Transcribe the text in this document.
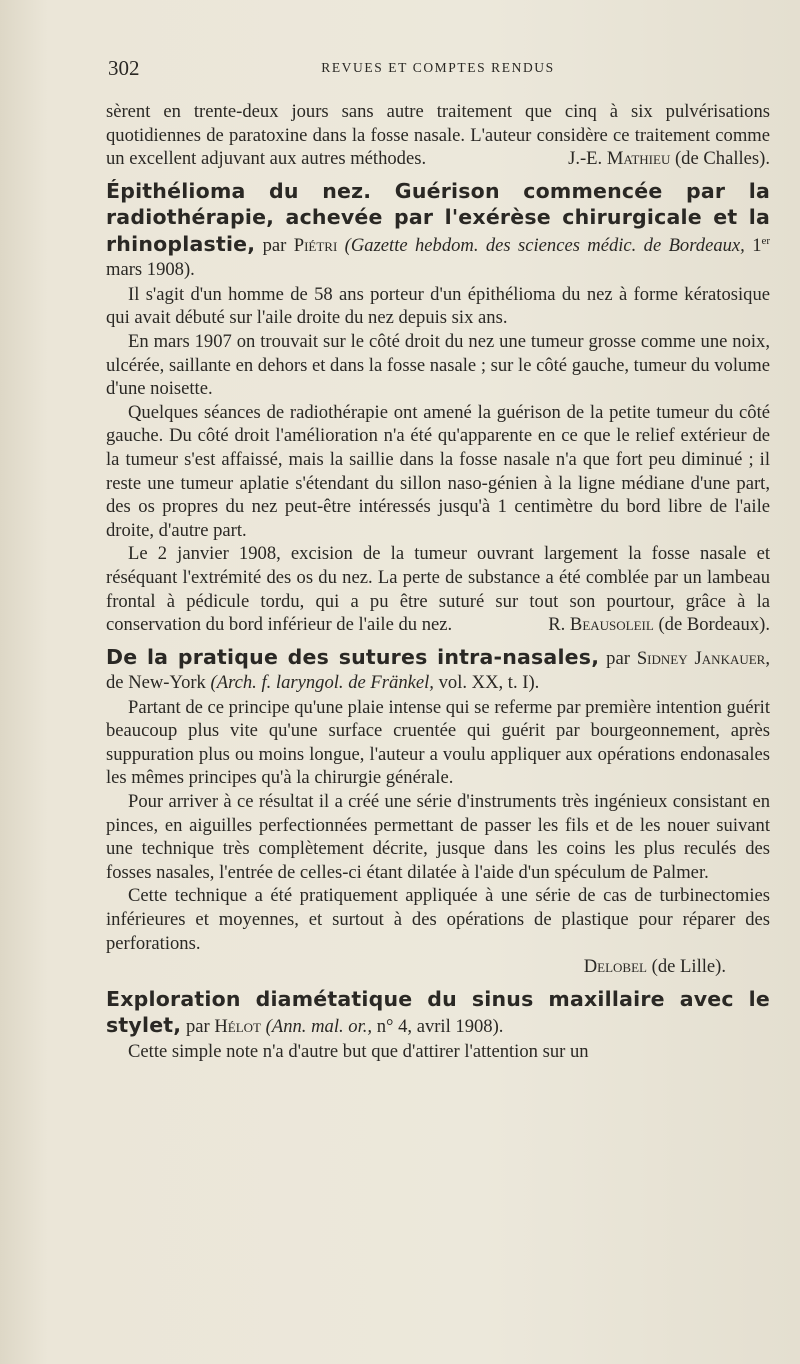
302	REVUES ET COMPTES RENDUS

sèrent en trente-deux jours sans autre traitement que cinq à six pulvérisations quotidiennes de paratoxine dans la fosse nasale. L'auteur considère ce traitement comme un excellent adjuvant aux autres méthodes.	J.-E. Mathieu (de Challes).

Épithélioma du nez. Guérison commencée par la radiothérapie, achevée par l'exérèse chirurgicale et la rhinoplastie, par Piétri (Gazette hebdom. des sciences médic. de Bordeaux, 1er mars 1908).

Il s'agit d'un homme de 58 ans porteur d'un épithélioma du nez à forme kératosique qui avait débuté sur l'aile droite du nez depuis six ans.

En mars 1907 on trouvait sur le côté droit du nez une tumeur grosse comme une noix, ulcérée, saillante en dehors et dans la fosse nasale ; sur le côté gauche, tumeur du volume d'une noisette.

Quelques séances de radiothérapie ont amené la guérison de la petite tumeur du côté gauche. Du côté droit l'amélioration n'a été qu'apparente en ce que le relief extérieur de la tumeur s'est affaissé, mais la saillie dans la fosse nasale n'a que fort peu diminué ; il reste une tumeur aplatie s'étendant du sillon naso-génien à la ligne médiane d'une part, des os propres du nez peut-être intéressés jusqu'à 1 centimètre du bord libre de l'aile droite, d'autre part.

Le 2 janvier 1908, excision de la tumeur ouvrant largement la fosse nasale et réséquant l'extrémité des os du nez. La perte de substance a été comblée par un lambeau frontal à pédicule tordu, qui a pu être suturé sur tout son pourtour, grâce à la conservation du bord inférieur de l'aile du nez.	R. Beausoleil (de Bordeaux).

De la pratique des sutures intra-nasales, par Sidney Jankauer, de New-York (Arch. f. laryngol. de Fränkel, vol. XX, t. I).

Partant de ce principe qu'une plaie intense qui se referme par première intention guérit beaucoup plus vite qu'une surface cruentée qui guérit par bourgeonnement, après suppuration plus ou moins longue, l'auteur a voulu appliquer aux opérations endonasales les mêmes principes qu'à la chirurgie générale.

Pour arriver à ce résultat il a créé une série d'instruments très ingénieux consistant en pinces, en aiguilles perfectionnées permettant de passer les fils et de les nouer suivant une technique très complètement décrite, jusque dans les coins les plus reculés des fosses nasales, l'entrée de celles-ci étant dilatée à l'aide d'un spéculum de Palmer.

Cette technique a été pratiquement appliquée à une série de cas de turbinectomies inférieures et moyennes, et surtout à des opérations de plastique pour réparer des perforations.

Delobel (de Lille).

Exploration diamétatique du sinus maxillaire avec le stylet, par Hélot (Ann. mal. or., n° 4, avril 1908).

Cette simple note n'a d'autre but que d'attirer l'attention sur un
